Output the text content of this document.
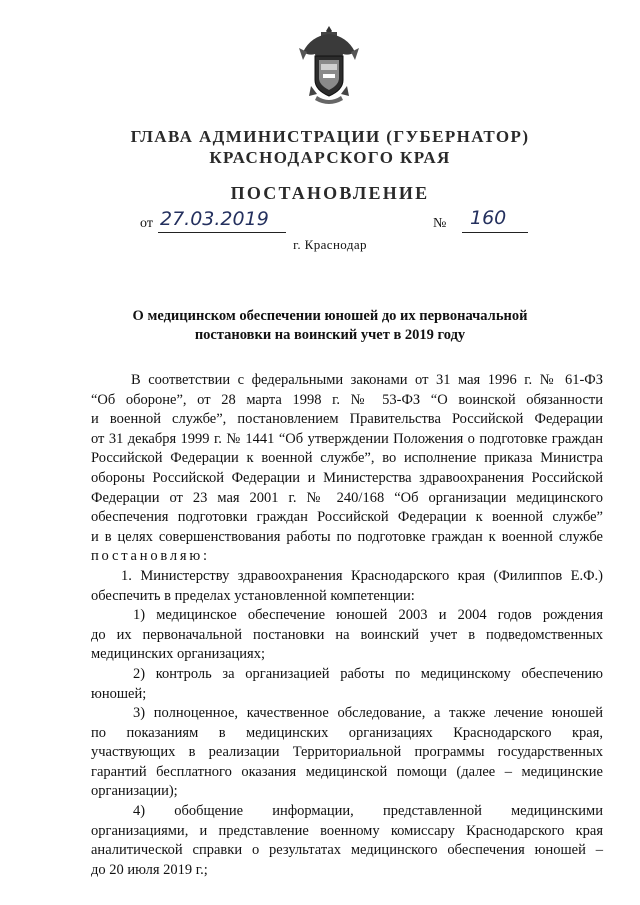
ГЛАВА АДМИНИСТРАЦИИ (ГУБЕРНАТОР)
КРАСНОДАРСКОГО КРАЯ
ПОСТАНОВЛЕНИЕ
от 27.03.2019	№ 160
г. Краснодар
О медицинском обеспечении юношей до их первоначальной
постановки на воинский учет в 2019 году
В соответствии с федеральными законами от 31 мая 1996 г. № 61-ФЗ
“Об обороне”, от 28 марта 1998 г. № 53-ФЗ “О воинской обязанности
и военной службе”, постановлением Правительства Российской Федерации
от 31 декабря 1999 г. № 1441 “Об утверждении Положения о подготовке граждан
Российской Федерации к военной службе”, во исполнение приказа Министра
обороны Российской Федерации и Министерства здравоохранения Российской
Федерации от 23 мая 2001 г. № 240/168 “Об организации медицинского
обеспечения подготовки граждан Российской Федерации к военной службе”
и в целях совершенствования работы по подготовке граждан к военной службе
постановляю:
1. Министерству здравоохранения Краснодарского края (Филиппов Е.Ф.)
обеспечить в пределах установленной компетенции:
1) медицинское обеспечение юношей 2003 и 2004 годов рождения
до их первоначальной постановки на воинский учет в подведомственных
медицинских организациях;
2) контроль за организацией работы по медицинскому обеспечению
юношей;
3) полноценное, качественное обследование, а также лечение юношей
по показаниям в медицинских организациях Краснодарского края,
участвующих в реализации Территориальной программы государственных
гарантий бесплатного оказания медицинской помощи (далее – медицинские
организации);
4) обобщение информации, представленной медицинскими
организациями, и представление военному комиссару Краснодарского края
аналитической справки о результатах медицинского обеспечения юношей –
до 20 июля 2019 г.;
